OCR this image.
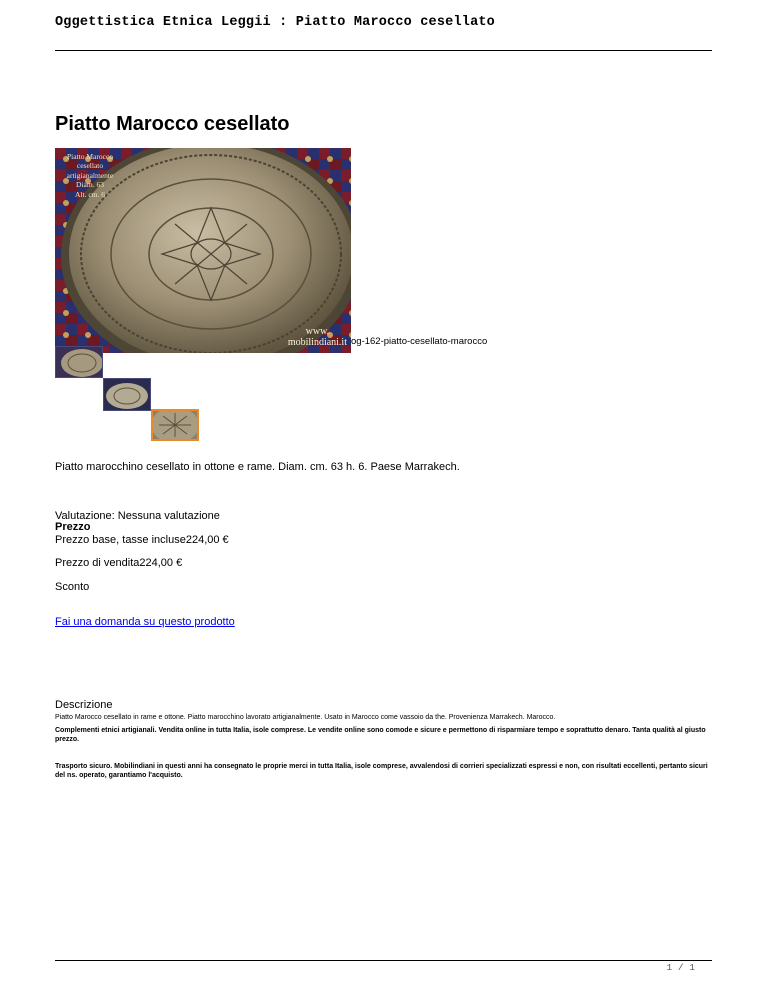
Oggettistica Etnica Leggii : Piatto Marocco cesellato
Piatto Marocco cesellato
Piatto Marocco
cesellato
artigianalmente
Diam. 63
Alt. cm. 6
www.
mobilindiani.it og-162-piatto-cesellato-marocco

Piatto marocchino cesellato in ottone e rame. Diam. cm. 63 h. 6. Paese Marrakech.

Valutazione: Nessuna valutazione

Prezzo

Prezzo base, tasse incluse224,00 €

Prezzo di vendita224,00 €

Sconto

Fai una domanda su questo prodotto

Descrizione

Piatto Marocco cesellato in rame e ottone. Piatto marocchino lavorato artigianalmente. Usato in Marocco come vassoio da the. Provenienza Marrakech. Marocco.

Complementi etnici artigianali. Vendita online in tutta Italia, isole comprese. Le vendite online sono comode e sicure e permettono di risparmiare tempo e soprattutto denaro. Tanta qualità al giusto prezzo.

Trasporto sicuro. Mobilindiani in questi anni ha consegnato le proprie merci in tutta Italia, isole comprese, avvalendosi di corrieri specializzati espressi e non, con risultati eccellenti, pertanto sicuri del ns. operato, garantiamo l'acquisto.

1 / 1
